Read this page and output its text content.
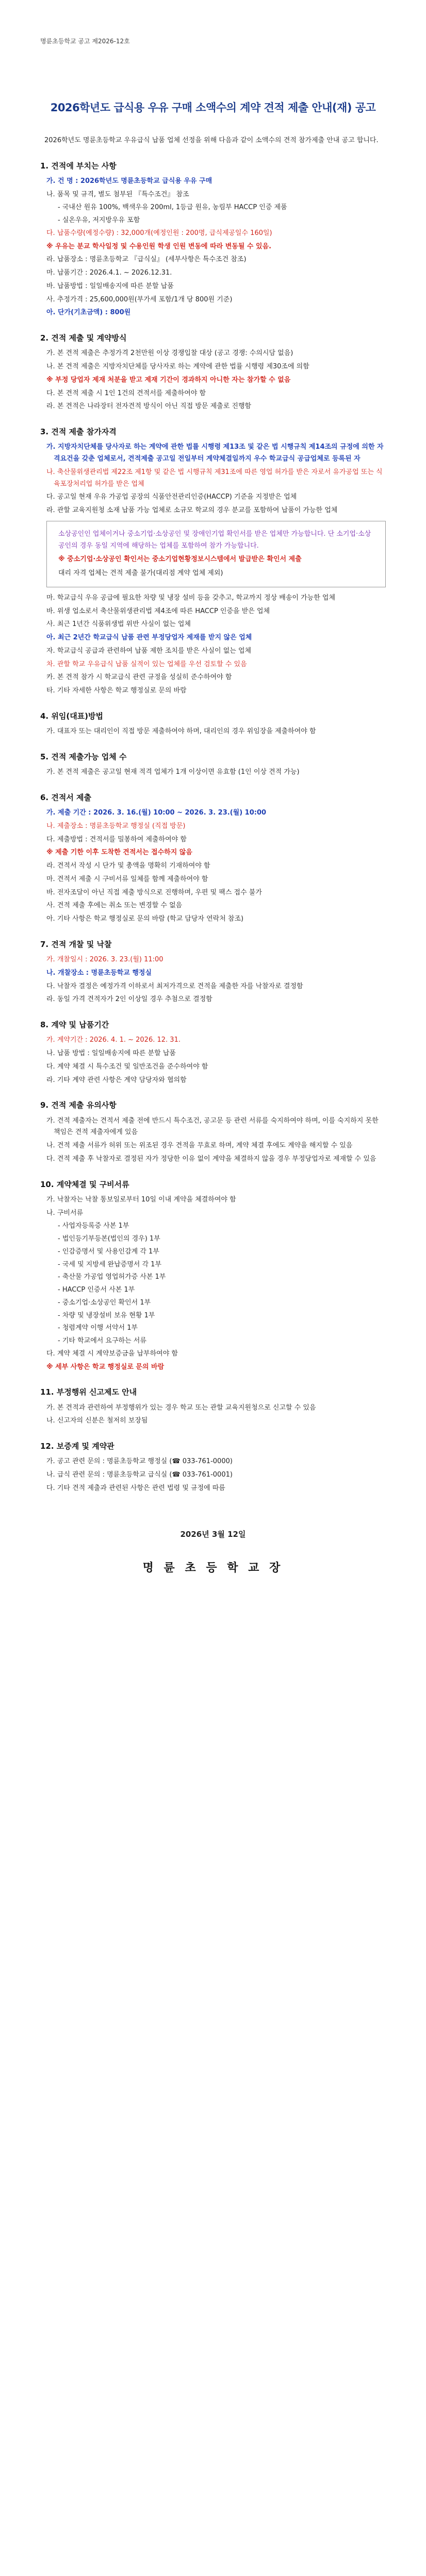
명륜초등학교 공고 제2026-12호
2026학년도 급식용 우유 구매 소액수의 계약 견적 제출 안내(재) 공고

2026학년도 명륜초등학교 우유급식 납품 업체 선정을 위해 다음과 같이 소액수의 견적 참가제출 안내 공고 합니다.

1. 견적에 부치는 사항

가. 건 명 : 2026학년도 명륜초등학교 급식용 우유 구매

나. 품목 및 규격, 별도 첨부된 『특수조건』 참조

- 국내산 원유 100%, 백색우유 200ml, 1등급 원유, 농림부 HACCP 인증 제품

- 실온우유, 저지방우유 포함

다. 납품수량(예정수량) : 32,000개(예정인원 : 200명, 급식제공일수 160일)

※ 우유는 분교 학사일정 및 수용인원 학생 인원 변동에 따라 변동될 수 있음.

라. 납품장소 : 명륜초등학교 『급식실』 (세부사항은 특수조건 참조)

마. 납품기간 : 2026.4.1. ~ 2026.12.31.

바. 납품방법 : 일일배송지에 따른 분할 납품

사. 추정가격 : 25,600,000원(부가세 포함/1개 당 800원 기준)

아. 단가(기초금액) : 800원

2. 견적 제출 및 계약방식

가. 본 견적 제출은 추정가격 2천만원 이상 경쟁입찰 대상 (공고 경쟁: 수의시담 없음)

나. 본 견적 제출은 지방자치단체를 당사자로 하는 계약에 관한 법률 시행령 제30조에 의함

※ 부정 당업자 제재 처분을 받고 제재 기간이 경과하지 아니한 자는 참가할 수 없음

다. 본 견적 제출 시 1인 1건의 견적서를 제출하여야 함

라. 본 견적은 나라장터 전자견적 방식이 아닌 직접 방문 제출로 진행함

3. 견적 제출 참가자격

가. 지방자치단체를 당사자로 하는 계약에 관한 법률 시행령 제13조 및 같은 법 시행규칙 제14조의 규정에 의한 자격요건을 갖춘 업체로서, 견적제출 공고일 전일부터 계약체결일까지 우수 학교급식 공급업체로 등록된 자

나. 축산물위생관리법 제22조 제1항 및 같은 법 시행규칙 제31조에 따른 영업 허가를 받은 자로서 유가공업 또는 식육포장처리업 허가를 받은 업체

다. 공고일 현재 우유 가공업 공장의 식품안전관리인증(HACCP) 기준을 지정받은 업체

라. 관할 교육지원청 소재 납품 가능 업체로 소규모 학교의 경우 분교를 포함하여 납품이 가능한 업체

소상공인인 업체이거나 중소기업·소상공인 및 장애인기업 확인서를 받은 업체만 가능합니다. 단 소기업·소상공인의 경우 동일 지역에 해당하는 업체를 포함하여 참가 가능합니다.

※ 중소기업·소상공인 확인서는 중소기업현황정보시스템에서 발급받은 확인서 제출

대리 자격 업체는 견적 제출 불가(대리점 계약 업체 제외)

마. 학교급식 우유 공급에 필요한 차량 및 냉장 설비 등을 갖추고, 학교까지 정상 배송이 가능한 업체

바. 위생 업소로서 축산물위생관리법 제4조에 따른 HACCP 인증을 받은 업체

사. 최근 1년간 식품위생법 위반 사실이 없는 업체

아. 최근 2년간 학교급식 납품 관련 부정당업자 제재를 받지 않은 업체

자. 학교급식 공급과 관련하여 납품 제한 조치를 받은 사실이 없는 업체

차. 관할 학교 우유급식 납품 실적이 있는 업체를 우선 검토할 수 있음

카. 본 견적 참가 시 학교급식 관련 규정을 성실히 준수하여야 함

타. 기타 자세한 사항은 학교 행정실로 문의 바람

4. 위임(대표)방법

가. 대표자 또는 대리인이 직접 방문 제출하여야 하며, 대리인의 경우 위임장을 제출하여야 함

5. 견적 제출가능 업체 수

가. 본 견적 제출은 공고일 현재 적격 업체가 1개 이상이면 유효함 (1인 이상 견적 가능)

6. 견적서 제출

가. 제출 기간 : 2026. 3. 16.(월) 10:00 ~ 2026. 3. 23.(월) 10:00

나. 제출장소 : 명륜초등학교 행정실 (직접 방문)

다. 제출방법 : 견적서를 밀봉하여 제출하여야 함

※ 제출 기한 이후 도착한 견적서는 접수하지 않음

라. 견적서 작성 시 단가 및 총액을 명확히 기재하여야 함

마. 견적서 제출 시 구비서류 일체를 함께 제출하여야 함

바. 전자조달이 아닌 직접 제출 방식으로 진행하며, 우편 및 팩스 접수 불가

사. 견적 제출 후에는 취소 또는 변경할 수 없음

아. 기타 사항은 학교 행정실로 문의 바람 (학교 담당자 연락처 참조)

7. 견적 개찰 및 낙찰

가. 개찰일시 : 2026. 3. 23.(월) 11:00

나. 개찰장소 : 명륜초등학교 행정실

다. 낙찰자 결정은 예정가격 이하로서 최저가격으로 견적을 제출한 자를 낙찰자로 결정함

라. 동일 가격 견적자가 2인 이상일 경우 추첨으로 결정함

8. 계약 및 납품기간

가. 계약기간 : 2026. 4. 1. ~ 2026. 12. 31.

나. 납품 방법 : 일일배송지에 따른 분할 납품

다. 계약 체결 시 특수조건 및 일반조건을 준수하여야 함

라. 기타 계약 관련 사항은 계약 담당자와 협의함

9. 견적 제출 유의사항

가. 견적 제출자는 견적서 제출 전에 반드시 특수조건, 공고문 등 관련 서류를 숙지하여야 하며, 이를 숙지하지 못한 책임은 견적 제출자에게 있음

나. 견적 제출 서류가 허위 또는 위조된 경우 견적을 무효로 하며, 계약 체결 후에도 계약을 해지할 수 있음

다. 견적 제출 후 낙찰자로 결정된 자가 정당한 이유 없이 계약을 체결하지 않을 경우 부정당업자로 제재할 수 있음

10. 계약체결 및 구비서류

가. 낙찰자는 낙찰 통보일로부터 10일 이내 계약을 체결하여야 함

나. 구비서류

- 사업자등록증 사본 1부

- 법인등기부등본(법인의 경우) 1부

- 인감증명서 및 사용인감계 각 1부

- 국세 및 지방세 완납증명서 각 1부

- 축산물 가공업 영업허가증 사본 1부

- HACCP 인증서 사본 1부

- 중소기업·소상공인 확인서 1부

- 차량 및 냉장설비 보유 현황 1부

- 청렴계약 이행 서약서 1부

- 기타 학교에서 요구하는 서류

다. 계약 체결 시 계약보증금을 납부하여야 함

※ 세부 사항은 학교 행정실로 문의 바람

11. 부정행위 신고제도 안내

가. 본 견적과 관련하여 부정행위가 있는 경우 학교 또는 관할 교육지원청으로 신고할 수 있음

나. 신고자의 신분은 철저히 보장됨

12. 보증계 및 계약관

가. 공고 관련 문의 : 명륜초등학교 행정실 (☎ 033-761-0000)

나. 급식 관련 문의 : 명륜초등학교 급식실 (☎ 033-761-0001)

다. 기타 견적 제출과 관련된 사항은 관련 법령 및 규정에 따름

2026년 3월 12일
명 륜 초 등 학 교 장
